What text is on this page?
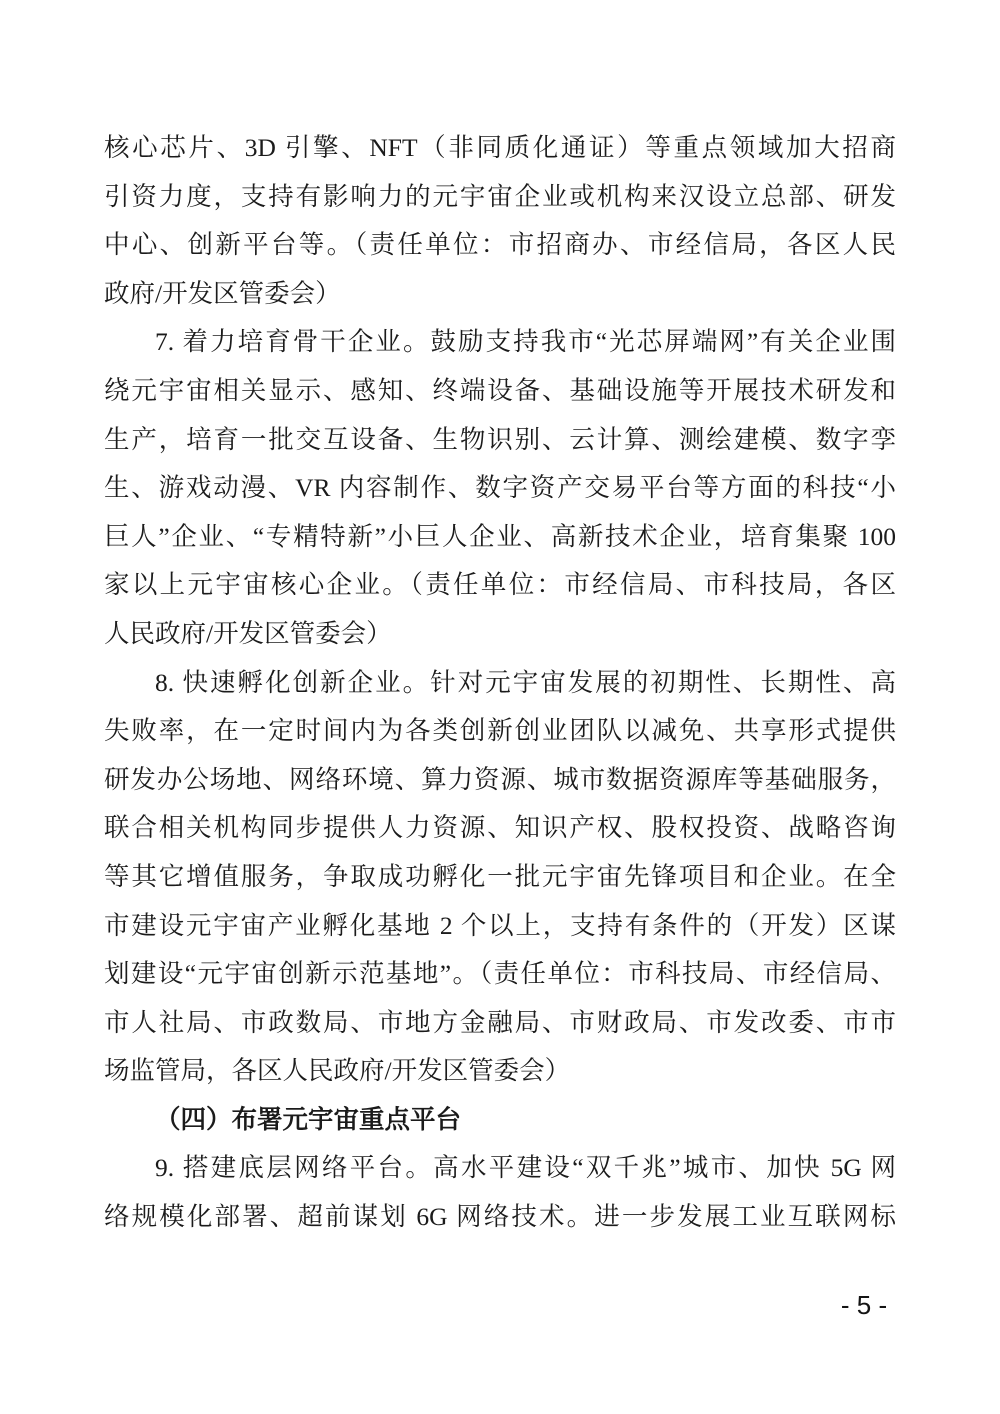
核心芯片、3D 引擎、NFT（非同质化通证）等重点领域加大招商
引资力度，支持有影响力的元宇宙企业或机构来汉设立总部、研发
中心、创新平台等。（责任单位：市招商办、市经信局，各区人民
政府/开发区管委会）
7. 着力培育骨干企业。鼓励支持我市“光芯屏端网”有关企业围
绕元宇宙相关显示、感知、终端设备、基础设施等开展技术研发和
生产，培育一批交互设备、生物识别、云计算、测绘建模、数字孪
生、游戏动漫、VR 内容制作、数字资产交易平台等方面的科技“小
巨人”企业、“专精特新”小巨人企业、高新技术企业，培育集聚 100
家以上元宇宙核心企业。（责任单位：市经信局、市科技局，各区
人民政府/开发区管委会）
8. 快速孵化创新企业。针对元宇宙发展的初期性、长期性、高
失败率，在一定时间内为各类创新创业团队以减免、共享形式提供
研发办公场地、网络环境、算力资源、城市数据资源库等基础服务，
联合相关机构同步提供人力资源、知识产权、股权投资、战略咨询
等其它增值服务，争取成功孵化一批元宇宙先锋项目和企业。在全
市建设元宇宙产业孵化基地 2 个以上，支持有条件的（开发）区谋
划建设“元宇宙创新示范基地”。（责任单位：市科技局、市经信局、
市人社局、市政数局、市地方金融局、市财政局、市发改委、市市
场监管局，各区人民政府/开发区管委会）
（四）布署元宇宙重点平台
9. 搭建底层网络平台。高水平建设“双千兆”城市、加快 5G 网
络规模化部署、超前谋划 6G 网络技术。进一步发展工业互联网标
- 5 -
